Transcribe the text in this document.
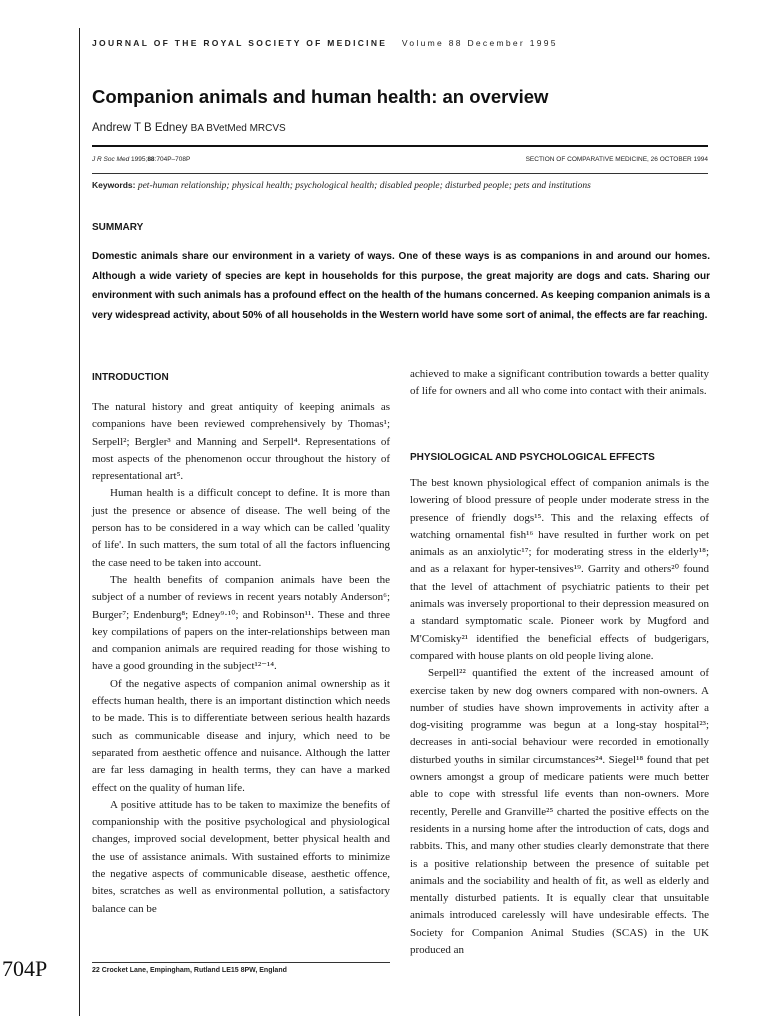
JOURNAL OF THE ROYAL SOCIETY OF MEDICINE Volume 88 December 1995
Companion animals and human health: an overview
Andrew T B Edney BA BVetMed MRCVS
J R Soc Med 1995;88:704P–708P	SECTION OF COMPARATIVE MEDICINE, 26 OCTOBER 1994
Keywords: pet-human relationship; physical health; psychological health; disabled people; disturbed people; pets and institutions
SUMMARY
Domestic animals share our environment in a variety of ways. One of these ways is as companions in and around our homes. Although a wide variety of species are kept in households for this purpose, the great majority are dogs and cats. Sharing our environment with such animals has a profound effect on the health of the humans concerned. As keeping companion animals is a very widespread activity, about 50% of all households in the Western world have some sort of animal, the effects are far reaching.
INTRODUCTION

The natural history and great antiquity of keeping animals as companions have been reviewed comprehensively by Thomas¹; Serpell²; Bergler³ and Manning and Serpell⁴. Representations of most aspects of the phenomenon occur throughout the history of representational art⁵.

Human health is a difficult concept to define. It is more than just the presence or absence of disease. The well being of the person has to be considered in a way which can be called 'quality of life'. In such matters, the sum total of all the factors influencing the case need to be taken into account.

The health benefits of companion animals have been the subject of a number of reviews in recent years notably Anderson⁶; Burger⁷; Endenburg⁸; Edney⁹·¹⁰; and Robinson¹¹. These and three key compilations of papers on the inter-relationships between man and companion animals are required reading for those wishing to have a good grounding in the subject¹²⁻¹⁴.

Of the negative aspects of companion animal ownership as it effects human health, there is an important distinction which needs to be made. This is to differentiate between serious health hazards such as communicable disease and injury, which need to be separated from aesthetic offence and nuisance. Although the latter are far less damaging in health terms, they can have a marked effect on the quality of human life.

A positive attitude has to be taken to maximize the benefits of companionship with the positive psychological and physiological changes, improved social development, better physical health and the use of assistance animals. With sustained efforts to minimize the negative aspects of communicable disease, aesthetic offence, bites, scratches as well as environmental pollution, a satisfactory balance can be

achieved to make a significant contribution towards a better quality of life for owners and all who come into contact with their animals.

PHYSIOLOGICAL AND PSYCHOLOGICAL EFFECTS

The best known physiological effect of companion animals is the lowering of blood pressure of people under moderate stress in the presence of friendly dogs¹⁵. This and the relaxing effects of watching ornamental fish¹⁶ have resulted in further work on pet animals as an anxiolytic¹⁷; for moderating stress in the elderly¹⁸; and as a relaxant for hyper-tensives¹⁹. Garrity and others²⁰ found that the level of attachment of psychiatric patients to their pet animals was inversely proportional to their depression measured on a standard symptomatic scale. Pioneer work by Mugford and M'Comisky²¹ identified the beneficial effects of budgerigars, compared with house plants on old people living alone.

Serpell²² quantified the extent of the increased amount of exercise taken by new dog owners compared with non-owners. A number of studies have shown improvements in activity after a dog-visiting programme was begun at a long-stay hospital²³; decreases in anti-social behaviour were recorded in emotionally disturbed youths in similar circumstances²⁴. Siegel¹⁸ found that pet owners amongst a group of medicare patients were much better able to cope with stressful life events than non-owners. More recently, Perelle and Granville²⁵ charted the positive effects on the residents in a nursing home after the introduction of cats, dogs and rabbits. This, and many other studies clearly demonstrate that there is a positive relationship between the presence of suitable pet animals and the sociability and health of fit, as well as elderly and mentally disturbed patients. It is equally clear that unsuitable animals introduced carelessly will have undesirable effects. The Society for Companion Animal Studies (SCAS) in the UK produced an

704P	22 Crocket Lane, Empingham, Rutland LE15 8PW, England
